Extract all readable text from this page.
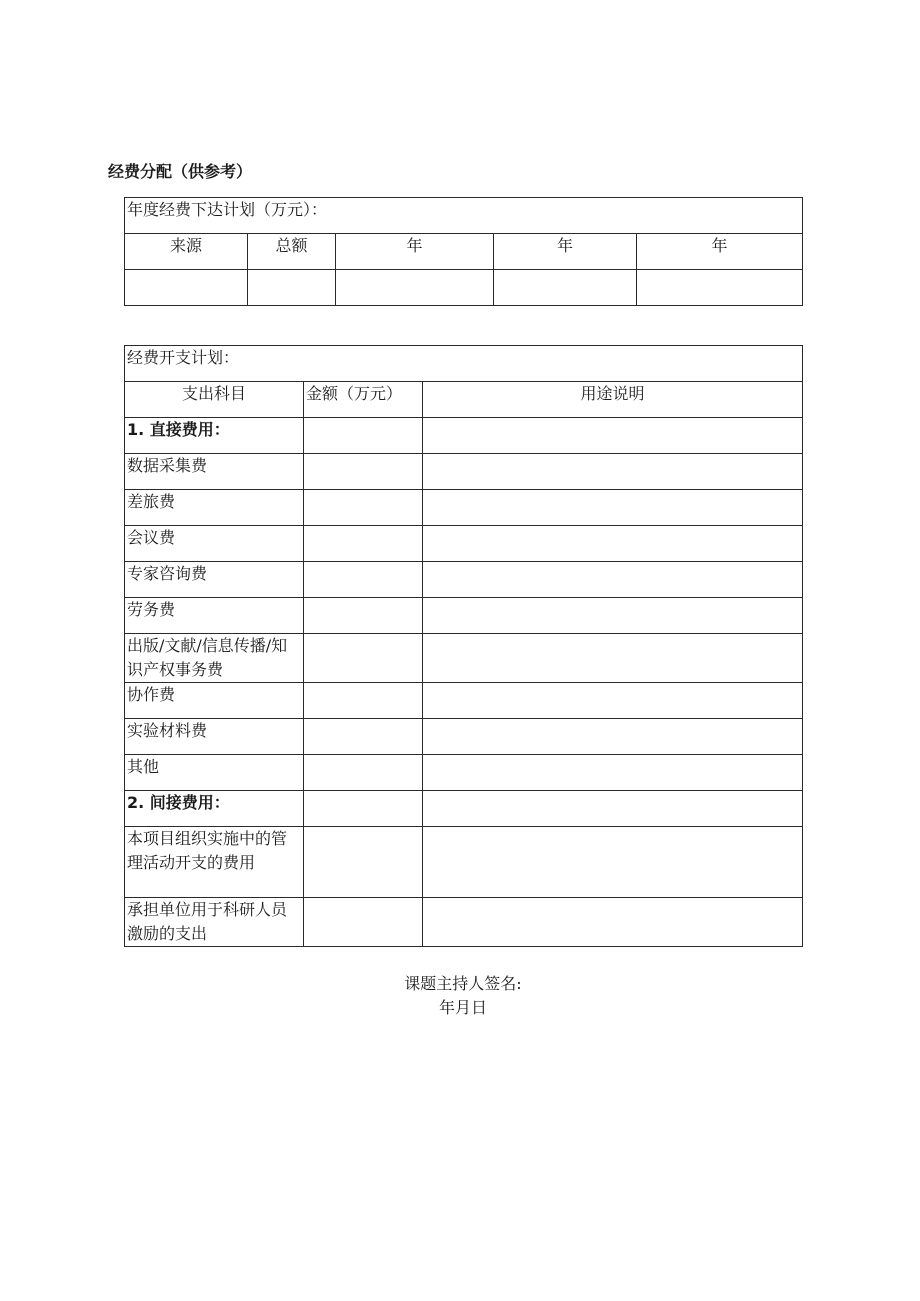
经费分配（供参考）
年度经费下达计划（万元）：				
来源	总额	年	年	年

经费开支计划：		
支出科目	金额（万元）	用途说明
1. 直接费用：		
数据采集费		
差旅费		
会议费		
专家咨询费		
劳务费		
出版/文献/信息传播/知识产权事务费		
协作费		
实验材料费		
其他		
2. 间接费用：		
本项目组织实施中的管理活动开支的费用		
承担单位用于科研人员激励的支出		
课题主持人签名:
年月日
